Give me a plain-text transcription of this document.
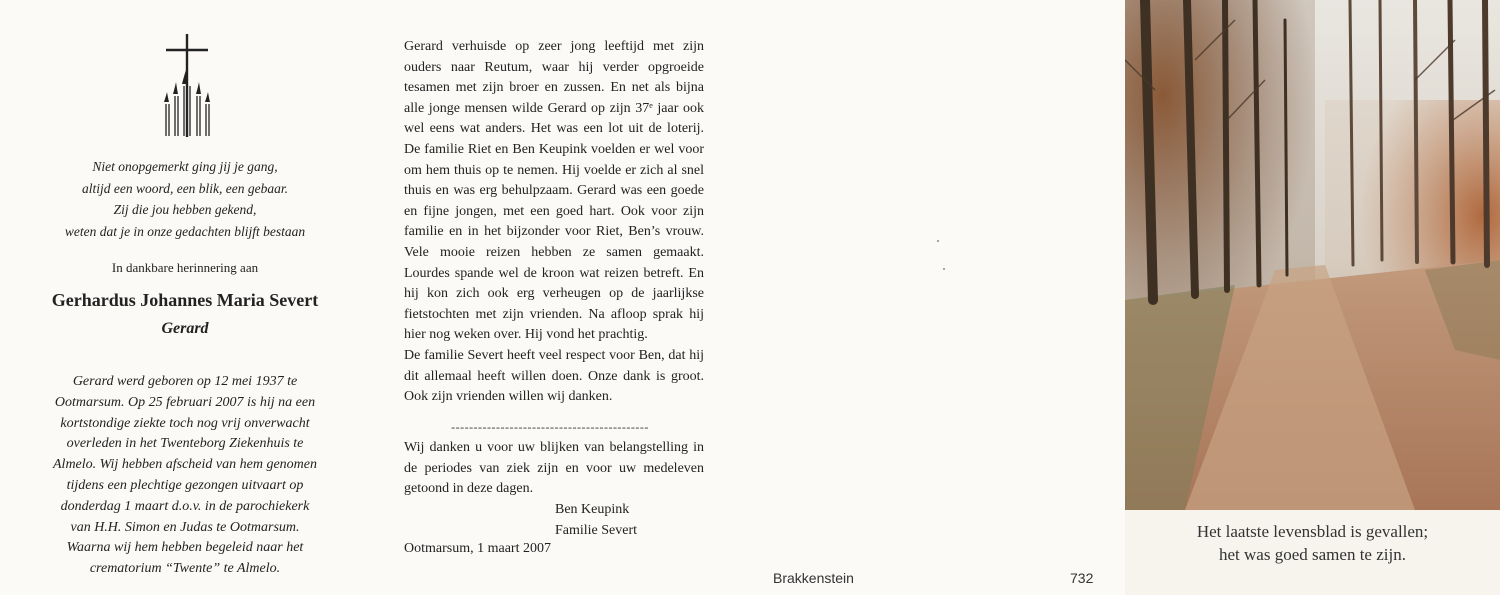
Niet onopgemerkt ging jij je gang,
altijd een woord, een blik, een gebaar.
Zij die jou hebben gekend,
weten dat je in onze gedachten blijft bestaan
In dankbare herinnering aan
Gerhardus Johannes Maria Severt
Gerard
Gerard werd geboren op 12 mei 1937 te
Ootmarsum. Op 25 februari 2007 is hij na een
kortstondige ziekte toch nog vrij onverwacht
overleden in het Twenteborg Ziekenhuis te
Almelo. Wij hebben afscheid van hem genomen
tijdens een plechtige gezongen uitvaart op
donderdag 1 maart d.o.v. in de parochiekerk
van H.H. Simon en Judas te Ootmarsum.
Waarna wij hem hebben begeleid naar het
crematorium “Twente” te Almelo.

Gerard verhuisde op zeer jong leeftijd met zijn ouders naar Reutum, waar hij verder opgroeide tesamen met zijn broer en zussen. En net als bijna alle jonge mensen wilde Gerard op zijn 37ᵉ jaar ook wel eens wat anders. Het was een lot uit de loterij. De familie Riet en Ben Keupink voelden er wel voor om hem thuis op te nemen. Hij voelde er zich al snel thuis en was erg behulpzaam. Gerard was een goede en fijne jongen, met een goed hart. Ook voor zijn familie en in het bijzonder voor Riet, Ben’s vrouw. Vele mooie reizen hebben ze samen gemaakt. Lourdes spande wel de kroon wat reizen betreft. En hij kon zich ook erg verheugen op de jaarlijkse fietstochten met zijn vrienden. Na afloop sprak hij hier nog weken over. Hij vond het prachtig.

De familie Severt heeft veel respect voor Ben, dat hij dit allemaal heeft willen doen. Onze dank is groot. Ook zijn vrienden willen wij danken.

--------------------------------------------
Wij danken u voor uw blijken van belangstelling in de periodes van ziek zijn en voor uw medeleven getoond in deze dagen.
Ben Keupink
Familie Severt
Ootmarsum, 1 maart 2007
Brakkenstein	732
Het laatste levensblad is gevallen;
het was goed samen te zijn.
